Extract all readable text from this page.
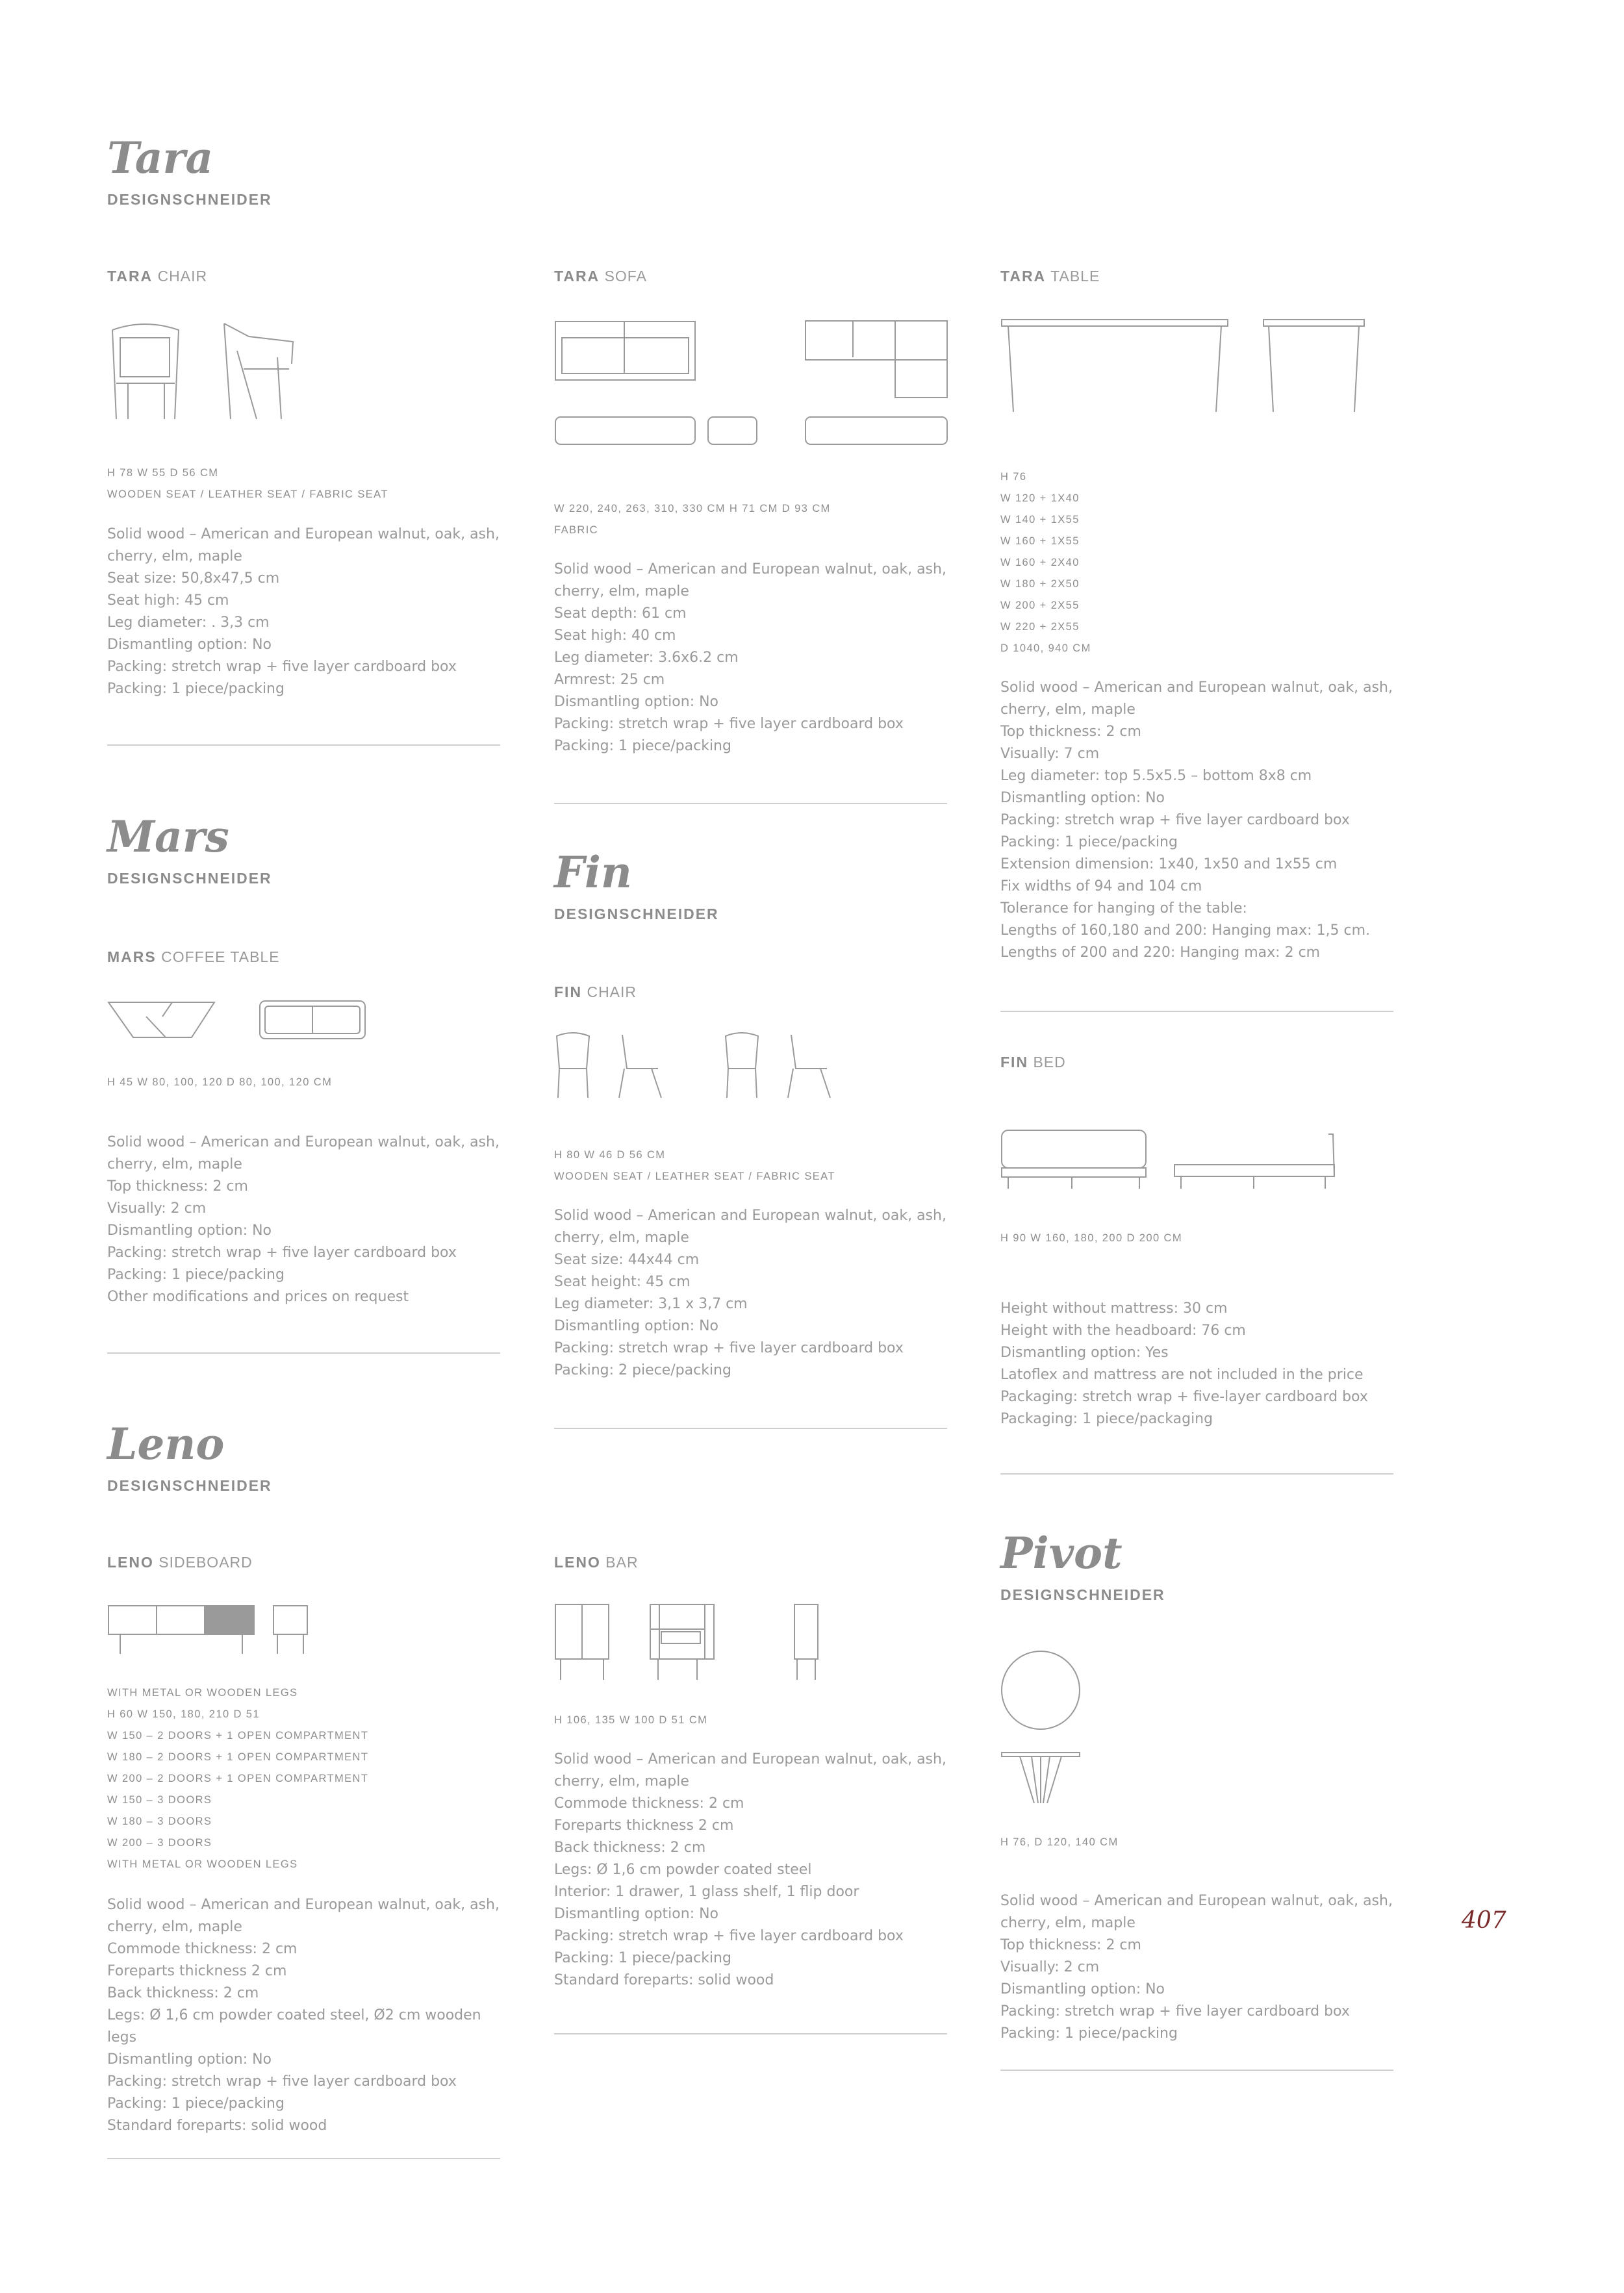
Tara
DESIGNSCHNEIDER
TARA CHAIR
H 78 W 55 D 56 CM
WOODEN SEAT / LEATHER SEAT / FABRIC SEAT
Solid wood – American and European walnut, oak, ash,
cherry, elm, maple
Seat size: 50,8x47,5 cm
Seat high: 45 cm
Leg diameter: . 3,3 cm
Dismantling option: No
Packing: stretch wrap + five layer cardboard box
Packing: 1 piece/packing
Mars
DESIGNSCHNEIDER
MARS COFFEE TABLE
H 45 W 80, 100, 120 D 80, 100, 120 CM
Solid wood – American and European walnut, oak, ash,
cherry, elm, maple
Top thickness: 2 cm
Visually: 2 cm
Dismantling option: No
Packing: stretch wrap + five layer cardboard box
Packing: 1 piece/packing
Other modifications and prices on request
Leno
DESIGNSCHNEIDER
LENO SIDEBOARD
WITH METAL OR WOODEN LEGS
H 60 W 150, 180, 210 D 51
W 150 – 2 DOORS + 1 OPEN COMPARTMENT
W 180 – 2 DOORS + 1 OPEN COMPARTMENT
W 200 – 2 DOORS + 1 OPEN COMPARTMENT
W 150 – 3 DOORS
W 180 – 3 DOORS
W 200 – 3 DOORS
WITH METAL OR WOODEN LEGS
Solid wood – American and European walnut, oak, ash,
cherry, elm, maple
Commode thickness: 2 cm
Foreparts thickness 2 cm
Back thickness: 2 cm
Legs: Ø 1,6 cm powder coated steel, Ø2 cm wooden legs
Dismantling option: No
Packing: stretch wrap + five layer cardboard box
Packing: 1 piece/packing
Standard foreparts: solid wood
TARA SOFA
W 220, 240, 263, 310, 330 CM H 71 CM D 93 CM
FABRIC
Solid wood – American and European walnut, oak, ash,
cherry, elm, maple
Seat depth: 61 cm
Seat high: 40 cm
Leg diameter: 3.6x6.2 cm
Armrest: 25 cm
Dismantling option: No
Packing: stretch wrap + five layer cardboard box
Packing: 1 piece/packing
Fin
DESIGNSCHNEIDER
FIN CHAIR
H 80 W 46 D 56 CM
WOODEN SEAT / LEATHER SEAT / FABRIC SEAT
Solid wood – American and European walnut, oak, ash,
cherry, elm, maple
Seat size: 44x44 cm
Seat height: 45 cm
Leg diameter: 3,1 x 3,7 cm
Dismantling option: No
Packing: stretch wrap + five layer cardboard box
Packing: 2 piece/packing
LENO BAR
H 106, 135 W 100 D 51 CM
Solid wood – American and European walnut, oak, ash,
cherry, elm, maple
Commode thickness: 2 cm
Foreparts thickness 2 cm
Back thickness: 2 cm
Legs: Ø 1,6 cm powder coated steel
Interior: 1 drawer, 1 glass shelf, 1 flip door
Dismantling option: No
Packing: stretch wrap + five layer cardboard box
Packing: 1 piece/packing
Standard foreparts: solid wood
TARA TABLE
H 76
W 120 + 1X40
W 140 + 1X55
W 160 + 1X55
W 160 + 2X40
W 180 + 2X50
W 200 + 2X55
W 220 + 2X55
D 1040, 940 CM
Solid wood – American and European walnut, oak, ash,
cherry, elm, maple
Top thickness: 2 cm
Visually: 7 cm
Leg diameter: top 5.5x5.5 – bottom 8x8 cm
Dismantling option: No
Packing: stretch wrap + five layer cardboard box
Packing: 1 piece/packing
Extension dimension: 1x40, 1x50 and 1x55 cm
Fix widths of 94 and 104 cm
Tolerance for hanging of the table:
Lengths of 160,180 and 200: Hanging max: 1,5 cm.
Lengths of 200 and 220: Hanging max: 2 cm
FIN BED
H 90 W 160, 180, 200 D 200 CM
Height without mattress: 30 cm
Height with the headboard: 76 cm
Dismantling option: Yes
Latoflex and mattress are not included in the price
Packaging: stretch wrap + five-layer cardboard box
Packaging: 1 piece/packaging
Pivot
DESIGNSCHNEIDER
H 76, D 120, 140 CM
Solid wood – American and European walnut, oak, ash,
cherry, elm, maple
Top thickness: 2 cm
Visually: 2 cm
Dismantling option: No
Packing: stretch wrap + five layer cardboard box
Packing: 1 piece/packing
407
